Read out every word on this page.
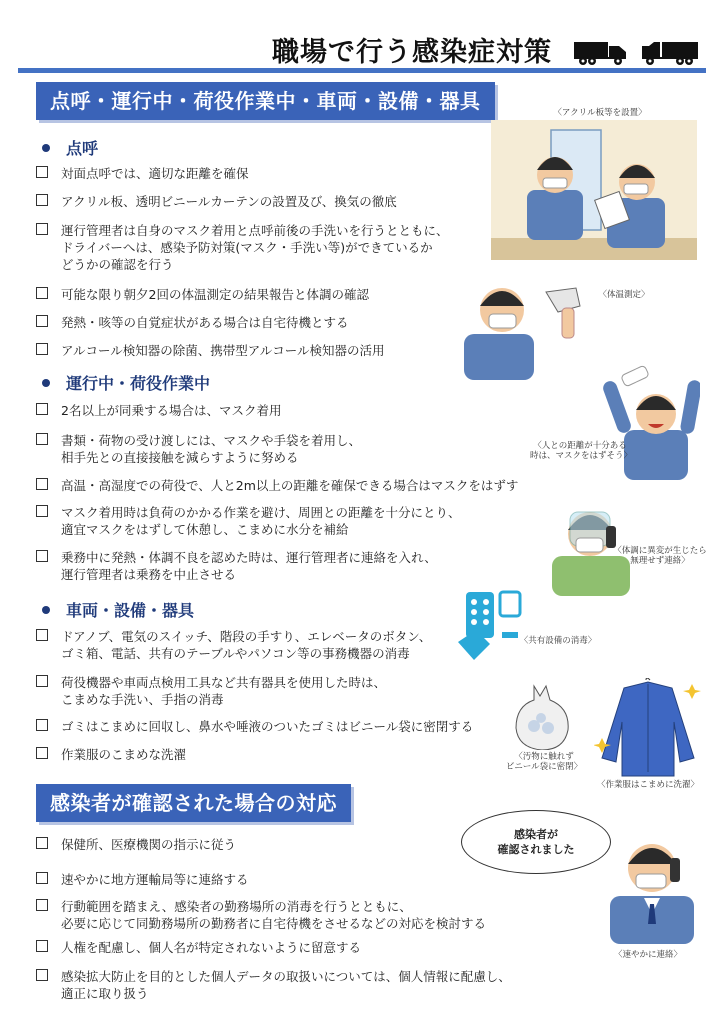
職場で行う感染症対策
点呼・運行中・荷役作業中・車両・設備・器具
点呼
対面点呼では、適切な距離を確保
アクリル板、透明ビニールカーテンの設置及び、換気の徹底
運行管理者は自身のマスク着用と点呼前後の手洗いを行うとともに、
ドライバーへは、感染予防対策(マスク・手洗い等)ができているか
どうかの確認を行う
可能な限り朝夕2回の体温測定の結果報告と体調の確認
発熱・咳等の自覚症状がある場合は自宅待機とする
アルコール検知器の除菌、携帯型アルコール検知器の活用
運行中・荷役作業中
2名以上が同乗する場合は、マスク着用
書類・荷物の受け渡しには、マスクや手袋を着用し、
相手先との直接接触を減らすように努める
高温・高湿度での荷役で、人と2m以上の距離を確保できる場合はマスクをはずす
マスク着用時は負荷のかかる作業を避け、周囲との距離を十分にとり、
適宜マスクをはずして休憩し、こまめに水分を補給
乗務中に発熱・体調不良を認めた時は、運行管理者に連絡を入れ、
運行管理者は乗務を中止させる
車両・設備・器具
ドアノブ、電気のスイッチ、階段の手すり、エレベータのボタン、
ゴミ箱、電話、共有のテーブルやパソコン等の事務機器の消毒
荷役機器や車両点検用工具など共有器具を使用した時は、
こまめな手洗い、手指の消毒
ゴミはこまめに回収し、鼻水や唾液のついたゴミはビニール袋に密閉する
作業服のこまめな洗濯
感染者が確認された場合の対応
保健所、医療機関の指示に従う
速やかに地方運輸局等に連絡する
行動範囲を踏まえ、感染者の勤務場所の消毒を行うとともに、
必要に応じて同勤務場所の勤務者に自宅待機をさせるなどの対応を検討する
人権を配慮し、個人名が特定されないように留意する
感染拡大防止を目的とした個人データの取扱いについては、個人情報に配慮し、
適正に取り扱う
〈アクリル板等を設置〉
〈体温測定〉
〈人との距離が十分ある
時は、マスクをはずそう〉
〈体調に異変が生じたら
無理せず連絡〉
〈共有設備の消毒〉
〈汚物に触れず
ビニール袋に密閉〉
〈作業服はこまめに洗濯〉
感染者が
確認されました
〈速やかに連絡〉
